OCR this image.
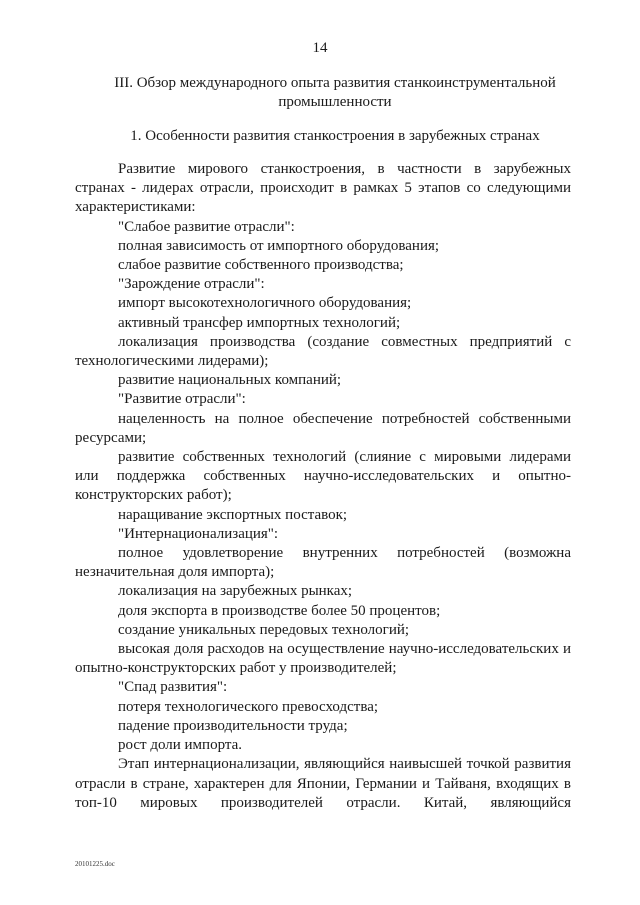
14
III. Обзор международного опыта развития станкоинструментальной промышленности
1. Особенности развития станкостроения в зарубежных странах

Развитие мирового станкостроения, в частности в зарубежных странах - лидерах отрасли, происходит в рамках 5 этапов со следующими характеристиками:

"Слабое развитие отрасли":

полная зависимость от импортного оборудования;

слабое развитие собственного производства;

"Зарождение отрасли":

импорт высокотехнологичного оборудования;

активный трансфер импортных технологий;

локализация производства (создание совместных предприятий с технологическими лидерами);

развитие национальных компаний;

"Развитие отрасли":

нацеленность на полное обеспечение потребностей собственными ресурсами;

развитие собственных технологий (слияние с мировыми лидерами или поддержка собственных научно-исследовательских и опытно-конструкторских работ);

наращивание экспортных поставок;

"Интернационализация":

полное удовлетворение внутренних потребностей (возможна незначительная доля импорта);

локализация на зарубежных рынках;

доля экспорта в производстве более 50 процентов;

создание уникальных передовых технологий;

высокая доля расходов на осуществление научно-исследовательских и опытно-конструкторских работ у производителей;

"Спад развития":

потеря технологического превосходства;

падение производительности труда;

рост доли импорта.

Этап интернационализации, являющийся наивысшей точкой развития отрасли в стране, характерен для Японии, Германии и Тайваня, входящих в топ-10 мировых производителей отрасли. Китай, являющийся

20101225.doc
